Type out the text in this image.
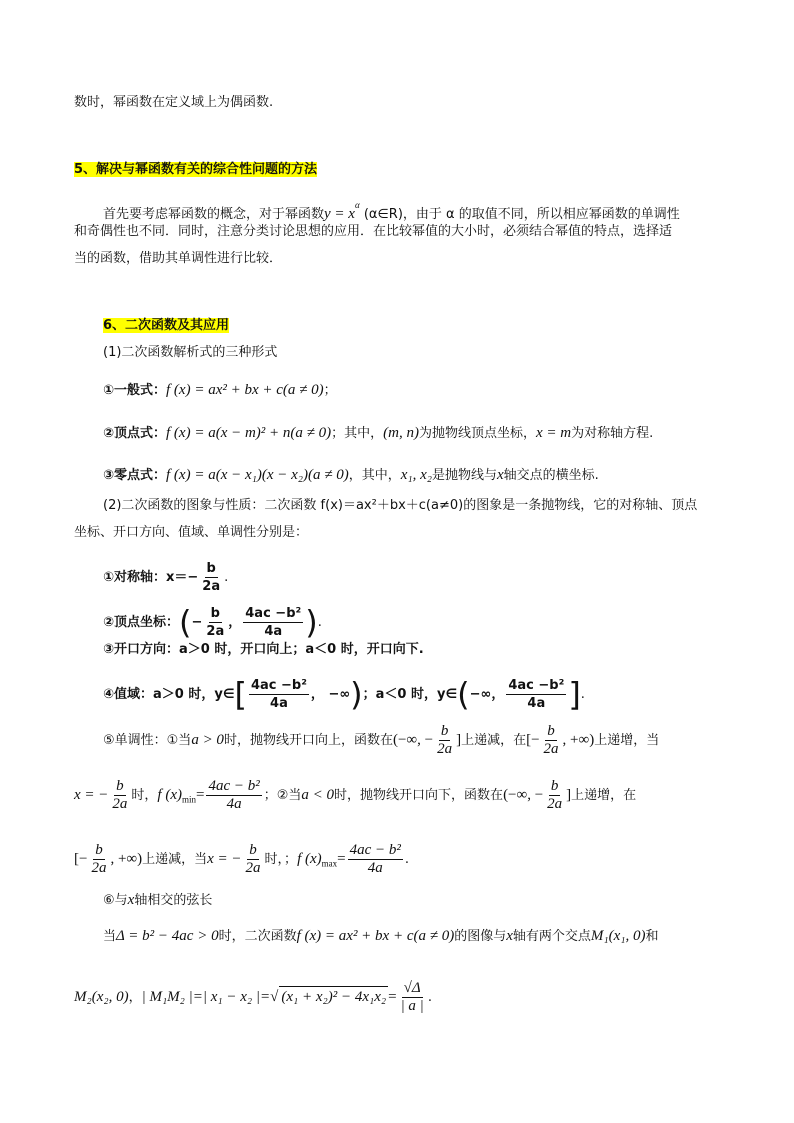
数时，幂函数在定义域上为偶函数.
5、解决与幂函数有关的综合性问题的方法
首先要考虑幂函数的概念，对于幂函数$y = x^\alpha$ (α∈R)，由于 α 的取值不同，所以相应幂函数的单调性
和奇偶性也不同．同时，注意分类讨论思想的应用．在比较幂值的大小时，必须结合幂值的特点，选择适
当的函数，借助其单调性进行比较．
6、二次函数及其应用
(1)二次函数解析式的三种形式
①一般式：f (x) = ax² + bx + c(a ≠ 0)；
②顶点式：f (x) = a(x − m)² + n(a ≠ 0)；其中，(m, n)为抛物线顶点坐标，x = m为对称轴方程.
③零点式：f (x) = a(x − x₁)(x − x₂)(a ≠ 0)，其中，x₁, x₂是抛物线与x轴交点的横坐标.
(2)二次函数的图象与性质：二次函数 f(x)＝ax²＋bx＋c(a≠0)的图象是一条抛物线，它的对称轴、顶点
坐标、开口方向、值域、单调性分别是：
①对称轴：$x=- \frac{b}{2a}$ .
②顶点坐标：(− $\frac{b}{2a}$ ， $\frac{\text{4ac −b²}}{4a}$ ).
③开口方向：a＞0 时，开口向上；a＜0 时，开口向下.
④值域：a＞0 时，y∈[ $\frac{\text{4ac −b²}}{4a}$ ， −∞)；a＜0 时，y∈(−∞， $\frac{\text{4ac −b²}}{4a}$ ].
⑤单调性：①当a > 0时，抛物线开口向上，函数在(−∞, − $\frac{b}{2a}$ ]上递减，在[− $\frac{b}{2a}$ , +∞)上递增，当
x = − $\frac{b}{2a}$ 时，f $(x)_{min}= \frac{\text{4ac − b²}}{4a}$ ；②当a < 0时，抛物线开口向下，函数在(−∞, − $\frac{b}{2a}$ ]上递增，在
[− $\frac{b}{2a}$ , +∞)上递减，当x = − $\frac{b}{2a}$ 时，；f $(x)_{max}= \frac{\text{4ac − b²}}{4a}$ .
⑥与x轴相交的弦长
当Δ = b² − 4ac > 0时，二次函数f (x) = ax² + bx + c(a ≠ 0)的图像与x轴有两个交点M₁(x₁, 0)和
M₂(x₂, 0)，| M₁M₂ |=| x₁ − x₂ |=√ $(x_1 + x_2)^2 - 4x_1x_2 = \frac{√\Delta}{| a |}$ .
